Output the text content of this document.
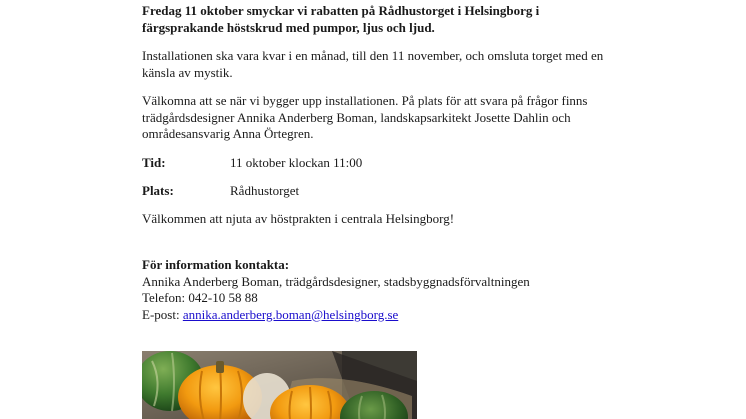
Fredag 11 oktober smyckar vi rabatten på Rådhustorget i Helsingborg i färgsprakande höstskrud med pumpor, ljus och ljud.

Installationen ska vara kvar i en månad, till den 11 november, och omsluta torget med en känsla av mystik.

Välkomna att se när vi bygger upp installationen. På plats för att svara på frågor finns trädgårdsdesigner Annika Anderberg Boman, landskapsarkitekt Josette Dahlin och områdesansvarig Anna Örtegren.

Tid:	11 oktober klockan 11:00
Plats:	Rådhustorget

Välkommen att njuta av höstprakten i centrala Helsingborg!

För information kontakta:

Annika Anderberg Boman, trädgårdsdesigner, stadsbyggnadsförvaltningen

Telefon: 042-10 58 88

E-post: annika.anderberg.boman@helsingborg.se
